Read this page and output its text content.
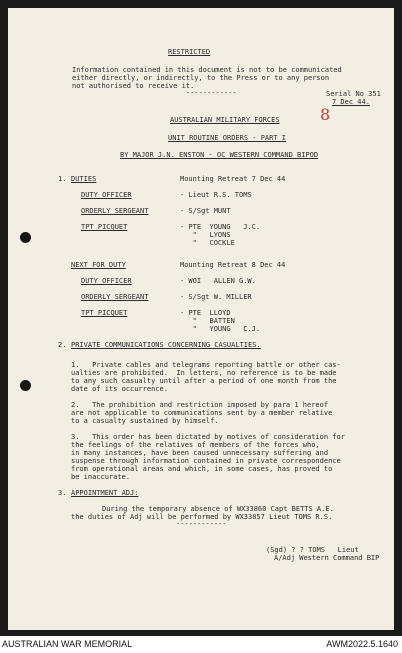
RESTRICTED
Information contained in this document is not to be communicated
either directly, or indirectly, to the Press or to any person
not authorised to receive it.
------------	Serial No 351
7 Dec 44.
AUSTRALIAN MILITARY FORCES
UNIT ROUTINE ORDERS - PART I
BY MAJOR J.N. ENSTON - OC WESTERN COMMAND BIPOD
8
1. DUTIES	Mounting Retreat 7 Dec 44
DUTY OFFICER	- Lieut R.S. TOMS
ORDERLY SERGEANT	- S/Sgt MUNT
TPT PICQUET	- PTE  YOUNG   J.C.
"   LYONS
"   COCKLE
NEXT FOR DUTY	Mounting Retreat 8 Dec 44
DUTY OFFICER	- WOI   ALLEN G.W.
ORDERLY SERGEANT	- S/Sgt W. MILLER
TPT PICQUET	- PTE  LLOYD
"   BATTEN
"   YOUNG   C.J.
2. PRIVATE COMMUNICATIONS CONCERNING CASUALTIES.
1.   Private cables and telegrams reporting battle or other cas-
ualties are prohibited.  In letters, no reference is to be made
to any such casualty until after a period of one month from the
date of its occurrence.
2.   The prohibition and restriction imposed by para 1 hereof
are not applicable to communications sent by a member relative
to a casualty sustained by himself.
3.   This order has been dictated by motives of consideration for
the feelings of the relatives of members of the forces who,
in many instances, have been caused unnecessary suffering and
suspense through information contained in private correspondence
from operational areas and which, in some cases, has proved to
be inaccurate.
3. APPOINTMENT ADJ:
During the temporary absence of WX33860 Capt BETTS A.E.
the duties of Adj will be performed by WX33857 Lieut TOMS R.S.
------------
(Sgd) ? ? TOMS   Lieut
A/Adj Western Command BIP
AUSTRALIAN WAR MEMORIAL	AWM2022.5.1640
